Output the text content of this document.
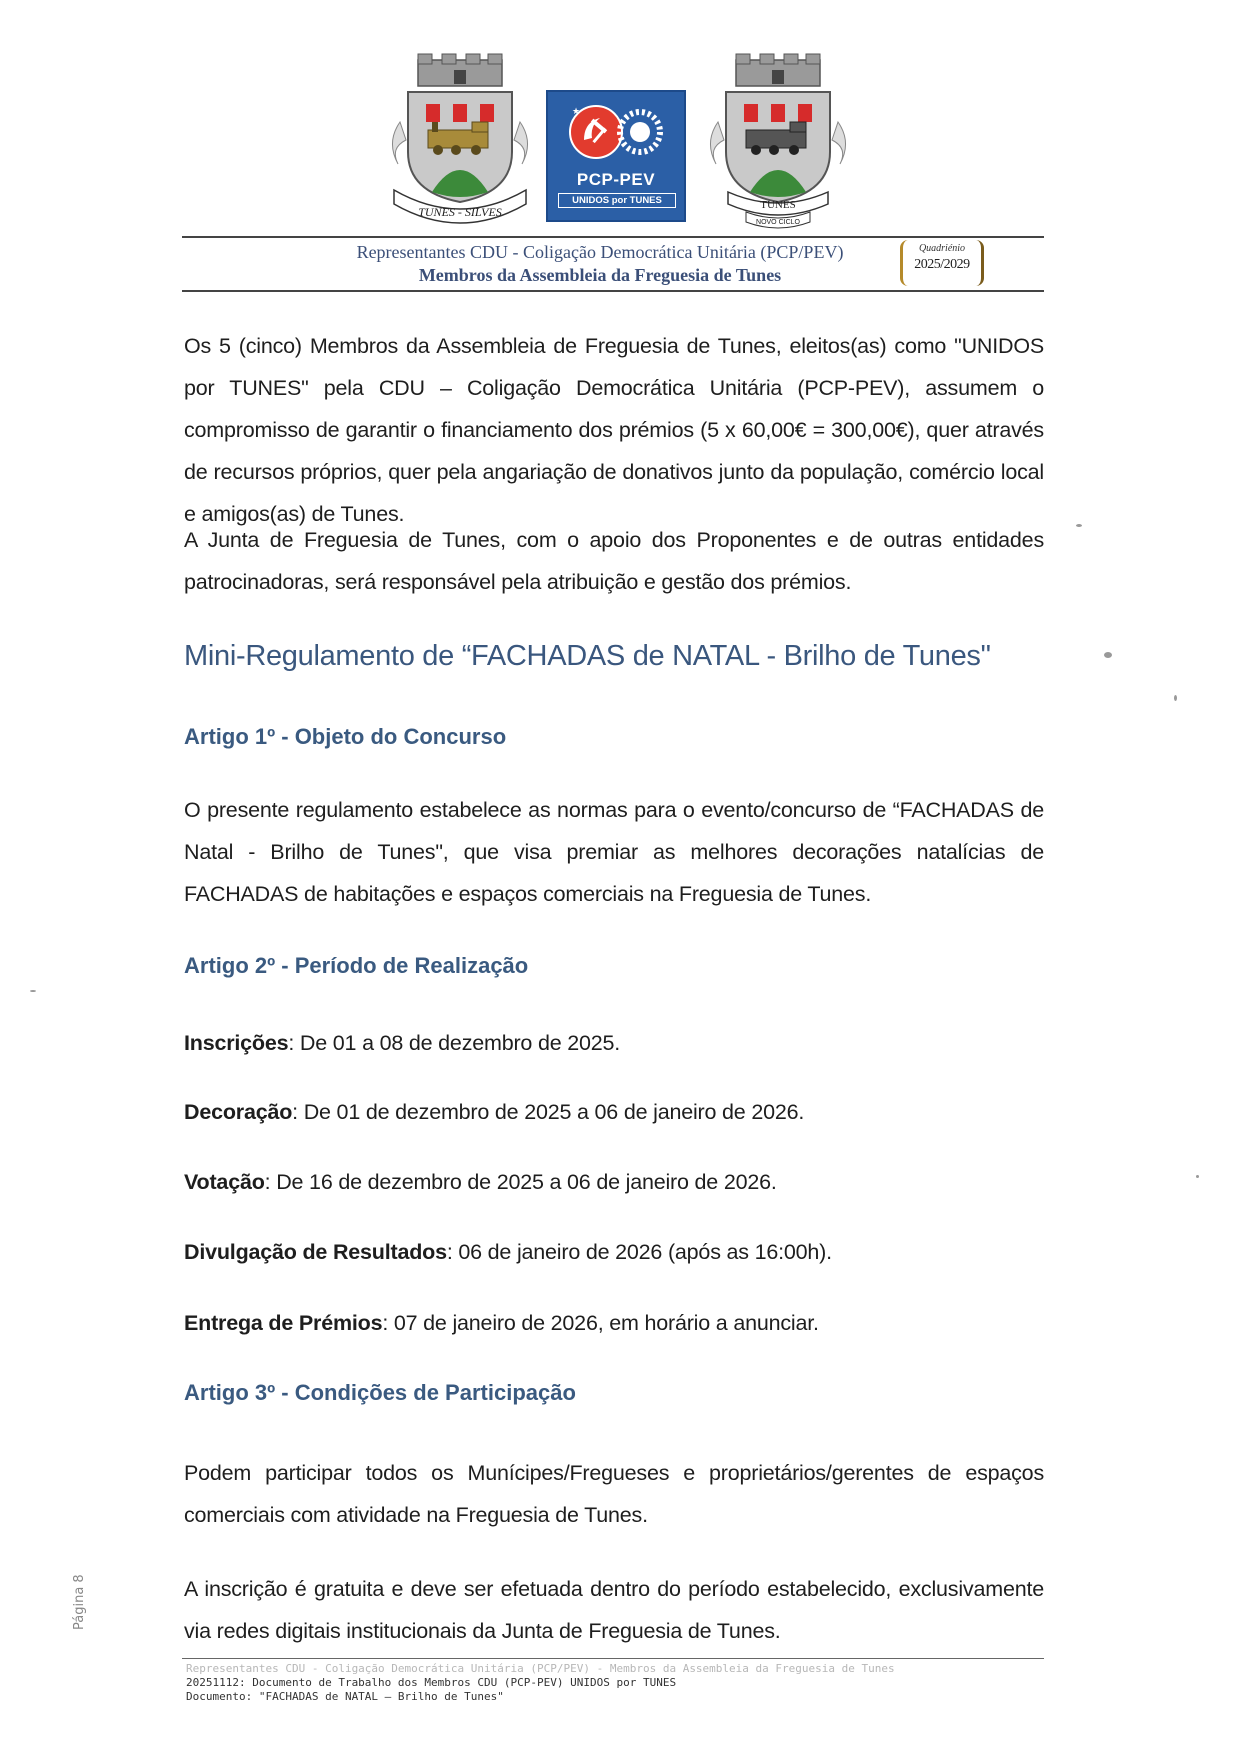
TUNES - SILVES
★
PCP-PEV
UNIDOS por TUNES	TUNES
NOVO CICLO
Representantes CDU - Coligação Democrática Unitária (PCP/PEV)
Membros da Assembleia da Freguesia de Tunes
Quadriénio
2025/2029
Os 5 (cinco) Membros da Assembleia de Freguesia de Tunes, eleitos(as) como "UNIDOS por TUNES" pela CDU – Coligação Democrática Unitária (PCP-PEV), assumem o compromisso de garantir o financiamento dos prémios (5 x 60,00€ = 300,00€), quer através de recursos próprios, quer pela angariação de donativos junto da população, comércio local e amigos(as) de Tunes.
A Junta de Freguesia de Tunes, com o apoio dos Proponentes e de outras entidades patrocinadoras, será responsável pela atribuição e gestão dos prémios.
Mini-Regulamento de “FACHADAS de NATAL - Brilho de Tunes"
Artigo 1º - Objeto do Concurso
O presente regulamento estabelece as normas para o evento/concurso de “FACHADAS de Natal - Brilho de Tunes", que visa premiar as melhores decorações natalícias de FACHADAS de habitações e espaços comerciais na Freguesia de Tunes.
Artigo 2º - Período de Realização
Inscrições: De 01 a 08 de dezembro de 2025.
Decoração: De 01 de dezembro de 2025 a 06 de janeiro de 2026.
Votação: De 16 de dezembro de 2025 a 06 de janeiro de 2026.
Divulgação de Resultados: 06 de janeiro de 2026 (após as 16:00h).
Entrega de Prémios: 07 de janeiro de 2026, em horário a anunciar.
Artigo 3º - Condições de Participação
Podem participar todos os Munícipes/Fregueses e proprietários/gerentes de espaços comerciais com atividade na Freguesia de Tunes.
A inscrição é gratuita e deve ser efetuada dentro do período estabelecido, exclusivamente via redes digitais institucionais da Junta de Freguesia de Tunes.
Representantes CDU - Coligação Democrática Unitária (PCP/PEV) - Membros da Assembleia da Freguesia de Tunes
20251112: Documento de Trabalho dos Membros CDU (PCP-PEV) UNIDOS por TUNES
Documento: "FACHADAS de NATAL – Brilho de Tunes"
Página 8
